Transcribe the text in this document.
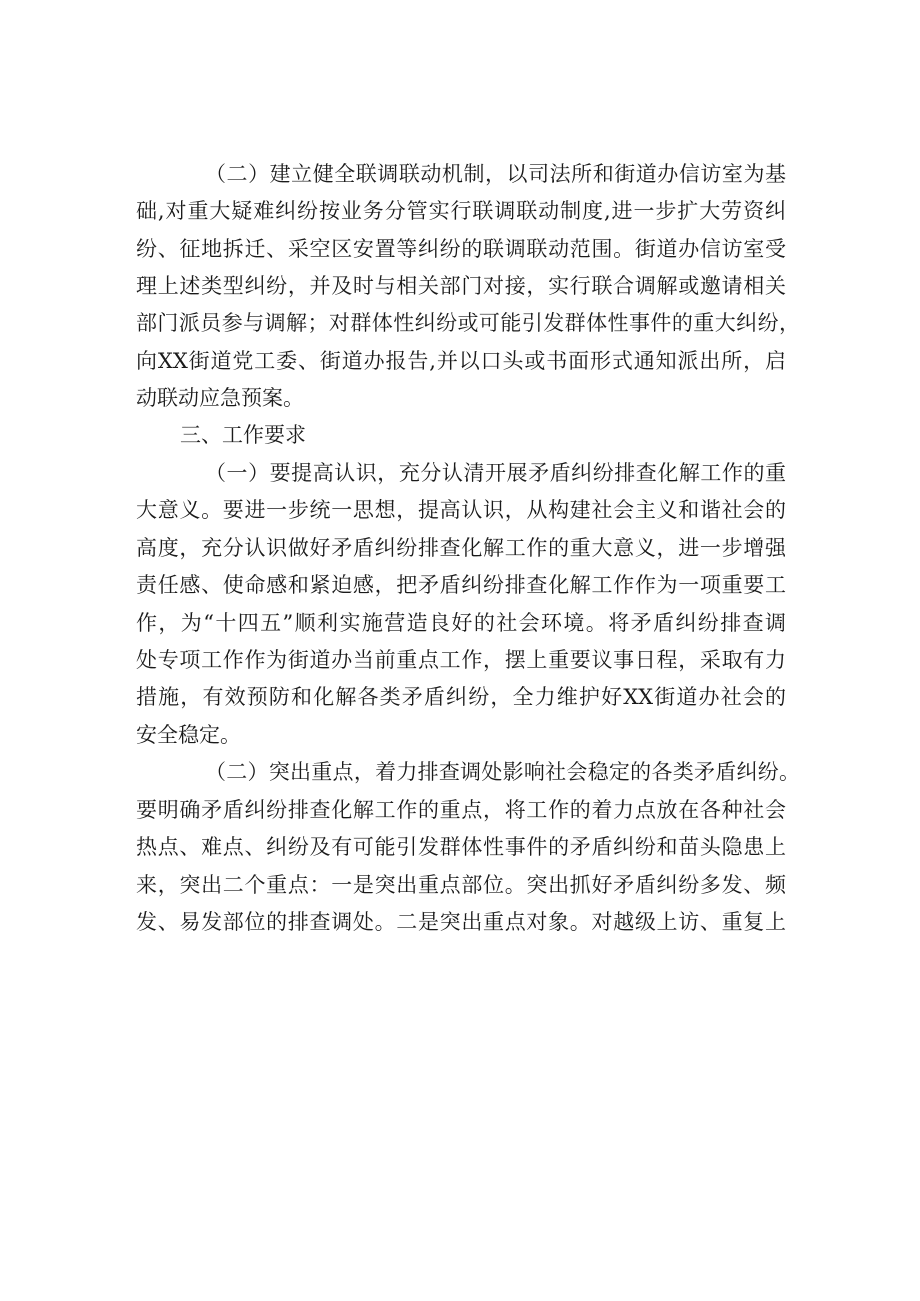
（二）建立健全联调联动机制，以司法所和街道办信访室为基
础,对重大疑难纠纷按业务分管实行联调联动制度,进一步扩大劳资纠
纷、征地拆迁、采空区安置等纠纷的联调联动范围。街道办信访室受
理上述类型纠纷，并及时与相关部门对接，实行联合调解或邀请相关
部门派员参与调解；对群体性纠纷或可能引发群体性事件的重大纠纷，
向XX街道党工委、街道办报告,并以口头或书面形式通知派出所，启
动联动应急预案。
三、工作要求
（一）要提高认识，充分认清开展矛盾纠纷排查化解工作的重
大意义。要进一步统一思想，提高认识，从构建社会主义和谐社会的
高度，充分认识做好矛盾纠纷排查化解工作的重大意义，进一步增强
责任感、使命感和紧迫感，把矛盾纠纷排查化解工作作为一项重要工
作，为“十四五”顺利实施营造良好的社会环境。将矛盾纠纷排查调
处专项工作作为街道办当前重点工作，摆上重要议事日程，采取有力
措施，有效预防和化解各类矛盾纠纷，全力维护好XX街道办社会的
安全稳定。
（二）突出重点，着力排查调处影响社会稳定的各类矛盾纠纷。
要明确矛盾纠纷排查化解工作的重点，将工作的着力点放在各种社会
热点、难点、纠纷及有可能引发群体性事件的矛盾纠纷和苗头隐患上
来，突出二个重点：一是突出重点部位。突出抓好矛盾纠纷多发、频
发、易发部位的排查调处。二是突出重点对象。对越级上访、重复上
